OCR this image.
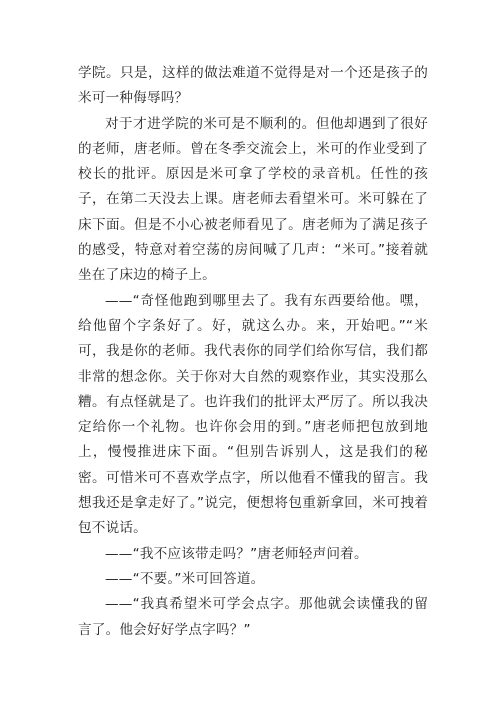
学院。只是，这样的做法难道不觉得是对一个还是孩子的米可一种侮辱吗？

对于才进学院的米可是不顺利的。但他却遇到了很好的老师，唐老师。曾在冬季交流会上，米可的作业受到了校长的批评。原因是米可拿了学校的录音机。任性的孩子，在第二天没去上课。唐老师去看望米可。米可躲在了床下面。但是不小心被老师看见了。唐老师为了满足孩子的感受，特意对着空荡的房间喊了几声：“米可。”接着就坐在了床边的椅子上。

——“奇怪他跑到哪里去了。我有东西要给他。嘿，给他留个字条好了。好，就这么办。来，开始吧。”“米可，我是你的老师。我代表你的同学们给你写信，我们都非常的想念你。关于你对大自然的观察作业，其实没那么糟。有点怪就是了。也许我们的批评太严厉了。所以我决定给你一个礼物。也许你会用的到。”唐老师把包放到地上，慢慢推进床下面。“但别告诉别人，这是我们的秘密。可惜米可不喜欢学点字，所以他看不懂我的留言。我想我还是拿走好了。”说完，便想将包重新拿回，米可拽着包不说话。

——“我不应该带走吗？”唐老师轻声问着。

——“不要。”米可回答道。

——“我真希望米可学会点字。那他就会读懂我的留言了。他会好好学点字吗？”
